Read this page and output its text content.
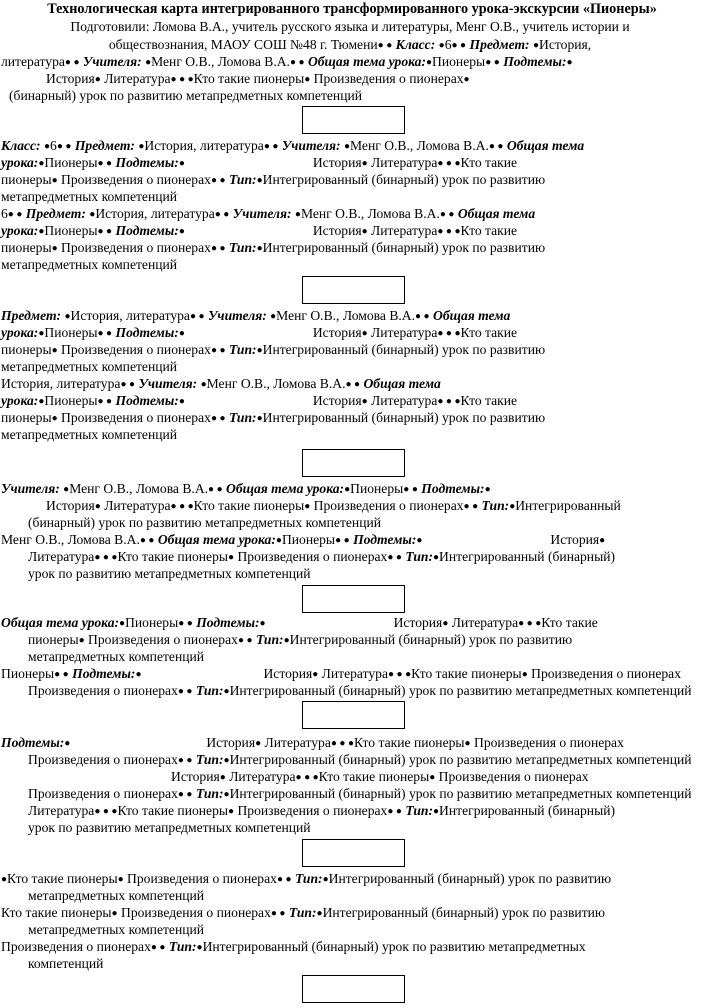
Технологическая карта интегрированного трансформированного урока-экскурсии «Пионеры»
Подготовили: Ломова В.А., учитель русского языка и литературы, Менг О.В., учитель истории и
обществознания, МАОУ СОШ №48 г. Тюмени● ● Класс: ●6● ● Предмет: ●История,
литература● ● Учителя: ●Менг О.В., Ломова В.А.● ● Общая тема урока:●Пионеры● ● Подтемы:●
История● Литература● ● ●Кто такие пионеры● Произведения о пионерах●
(бинарный) урок по развитию метапредметных компетенций
Класс: ●6● ● Предмет: ●История, литература● ● Учителя: ●Менг О.В., Ломова В.А.● ● Общая тема
урока:●Пионеры● ● Подтемы:●	История● Литература● ● ●Кто такие
пионеры● Произведения о пионерах● ● Тип:●Интегрированный (бинарный) урок по развитию
метапредметных компетенций
6● ● Предмет: ●История, литература● ● Учителя: ●Менг О.В., Ломова В.А.● ● Общая тема
урока:●Пионеры● ● Подтемы:●	История● Литература● ● ●Кто такие
пионеры● Произведения о пионерах● ● Тип:●Интегрированный (бинарный) урок по развитию
метапредметных компетенций
Предмет: ●История, литература● ● Учителя: ●Менг О.В., Ломова В.А.● ● Общая тема
урока:●Пионеры● ● Подтемы:●	История● Литература● ● ●Кто такие
пионеры● Произведения о пионерах● ● Тип:●Интегрированный (бинарный) урок по развитию
метапредметных компетенций
История, литература● ● Учителя: ●Менг О.В., Ломова В.А.● ● Общая тема
урока:●Пионеры● ● Подтемы:●	История● Литература● ● ●Кто такие
пионеры● Произведения о пионерах● ● Тип:●Интегрированный (бинарный) урок по развитию
метапредметных компетенций
Учителя: ●Менг О.В., Ломова В.А.● ● Общая тема урока:●Пионеры● ● Подтемы:●
История● Литература● ● ●Кто такие пионеры● Произведения о пионерах● ● Тип:●Интегрированный
(бинарный) урок по развитию метапредметных компетенций
Менг О.В., Ломова В.А.● ● Общая тема урока:●Пионеры● ● Подтемы:●	История●
Литература● ● ●Кто такие пионеры● Произведения о пионерах● ● Тип:●Интегрированный (бинарный)
урок по развитию метапредметных компетенций
Общая тема урока:●Пионеры● ● Подтемы:●	История● Литература● ● ●Кто такие
пионеры● Произведения о пионерах● ● Тип:●Интегрированный (бинарный) урок по развитию
метапредметных компетенций
Пионеры● ● Подтемы:●	История● Литература● ● ●Кто такие пионеры● Произведения о пионерах
Произведения о пионерах● ● Тип:●Интегрированный (бинарный) урок по развитию метапредметных компетенций
Подтемы:●	История● Литература● ● ●Кто такие пионеры● Произведения о пионерах
Произведения о пионерах● ● Тип:●Интегрированный (бинарный) урок по развитию метапредметных компетенций
История● Литература● ● ●Кто такие пионеры● Произведения о пионерах
Произведения о пионерах● ● Тип:●Интегрированный (бинарный) урок по развитию метапредметных компетенций
Литература● ● ●Кто такие пионеры● Произведения о пионерах● ● Тип:●Интегрированный (бинарный)
урок по развитию метапредметных компетенций
●Кто такие пионеры● Произведения о пионерах● ● Тип:●Интегрированный (бинарный) урок по развитию
метапредметных компетенций
Кто такие пионеры● Произведения о пионерах● ● Тип:●Интегрированный (бинарный) урок по развитию
метапредметных компетенций
Произведения о пионерах● ● Тип:●Интегрированный (бинарный) урок по развитию метапредметных
компетенций
